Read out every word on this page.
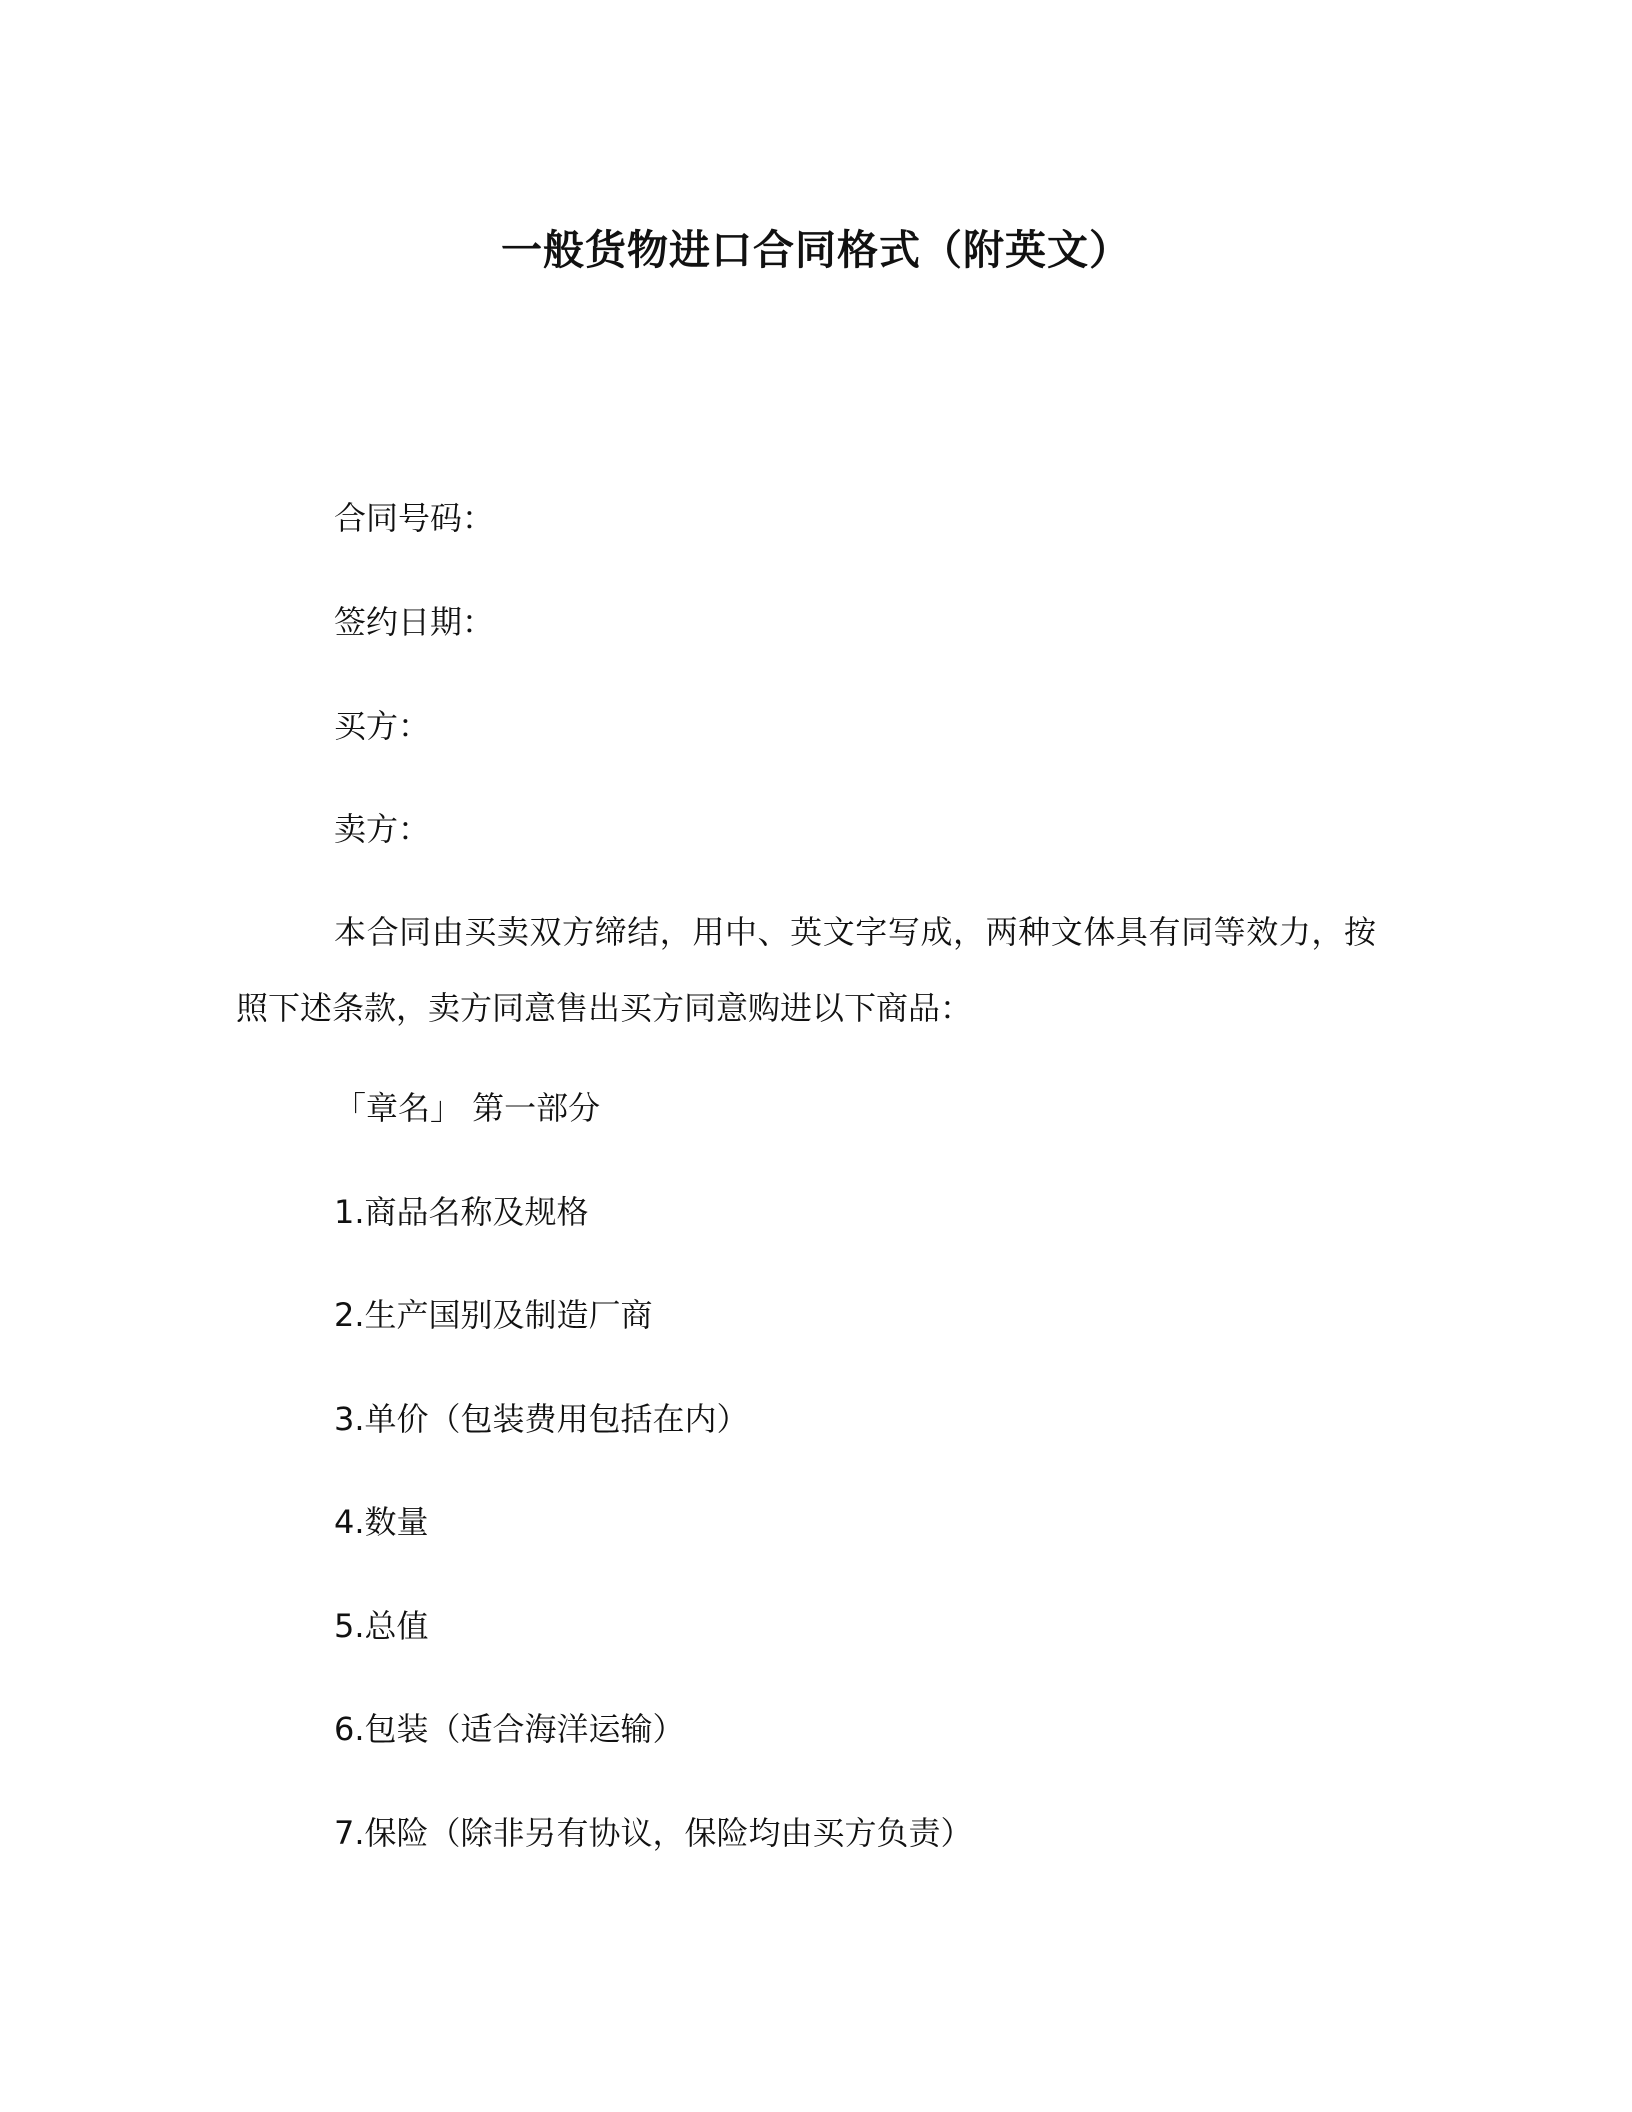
一般货物进口合同格式（附英文）
合同号码：
签约日期：
买方：
卖方：
本合同由买卖双方缔结，用中、英文字写成，两种文体具有同等效力，按照下述条款，卖方同意售出买方同意购进以下商品：
「章名」 第一部分
1.商品名称及规格
2.生产国别及制造厂商
3.单价（包装费用包括在内）
4.数量
5.总值
6.包装（适合海洋运输）
7.保险（除非另有协议，保险均由买方负责）
